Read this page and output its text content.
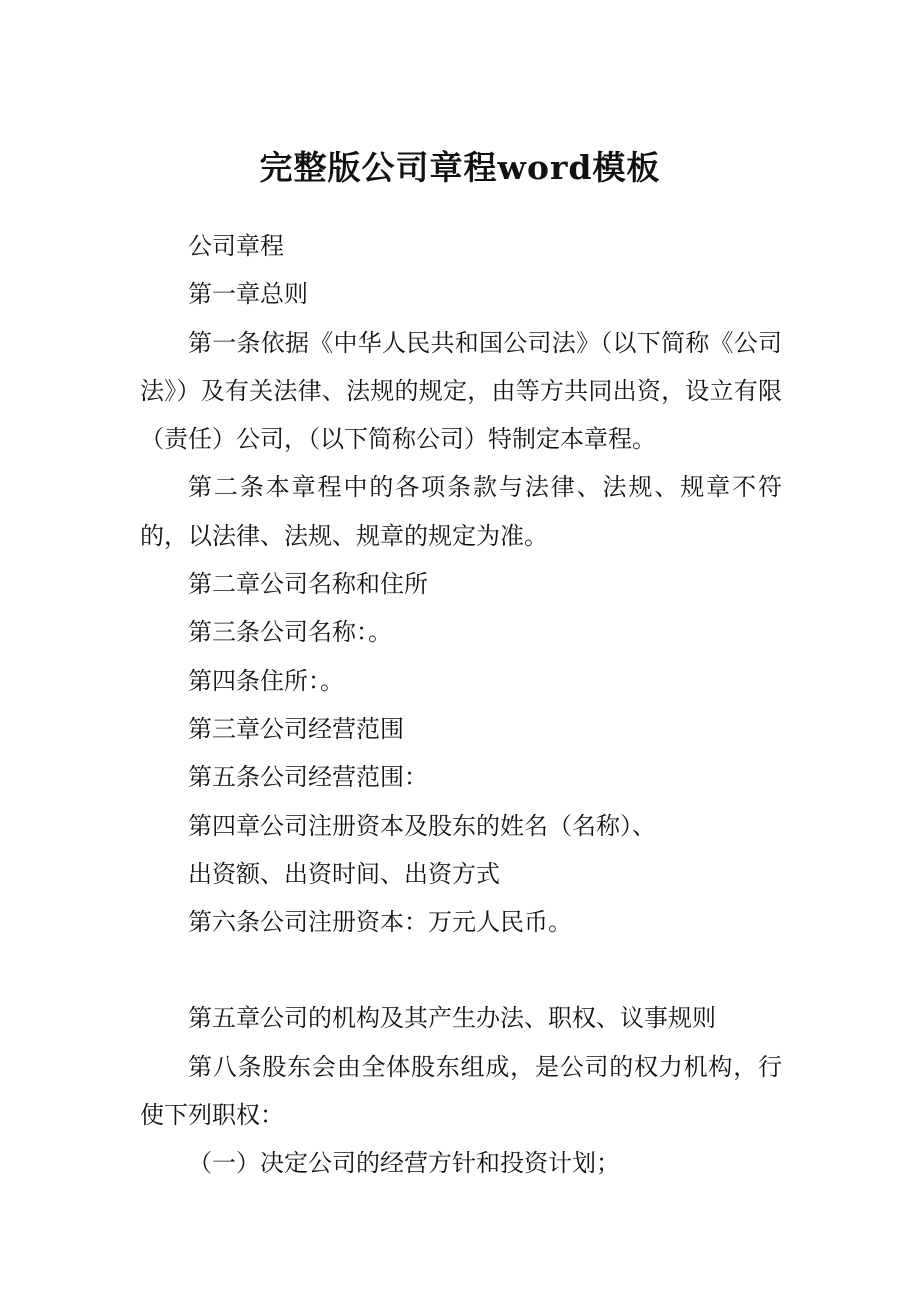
完整版公司章程word模板

公司章程

第一章总则

第一条依据《中华人民共和国公司法》（以下简称《公司法》）及有关法律、法规的规定，由等方共同出资，设立有限（责任）公司，（以下简称公司）特制定本章程。

第二条本章程中的各项条款与法律、法规、规章不符的，以法律、法规、规章的规定为准。

第二章公司名称和住所

第三条公司名称：。

第四条住所：。

第三章公司经营范围

第五条公司经营范围：

第四章公司注册资本及股东的姓名（名称）、

出资额、出资时间、出资方式

第六条公司注册资本：万元人民币。

第五章公司的机构及其产生办法、职权、议事规则

第八条股东会由全体股东组成，是公司的权力机构，行使下列职权：

（一）决定公司的经营方针和投资计划；
